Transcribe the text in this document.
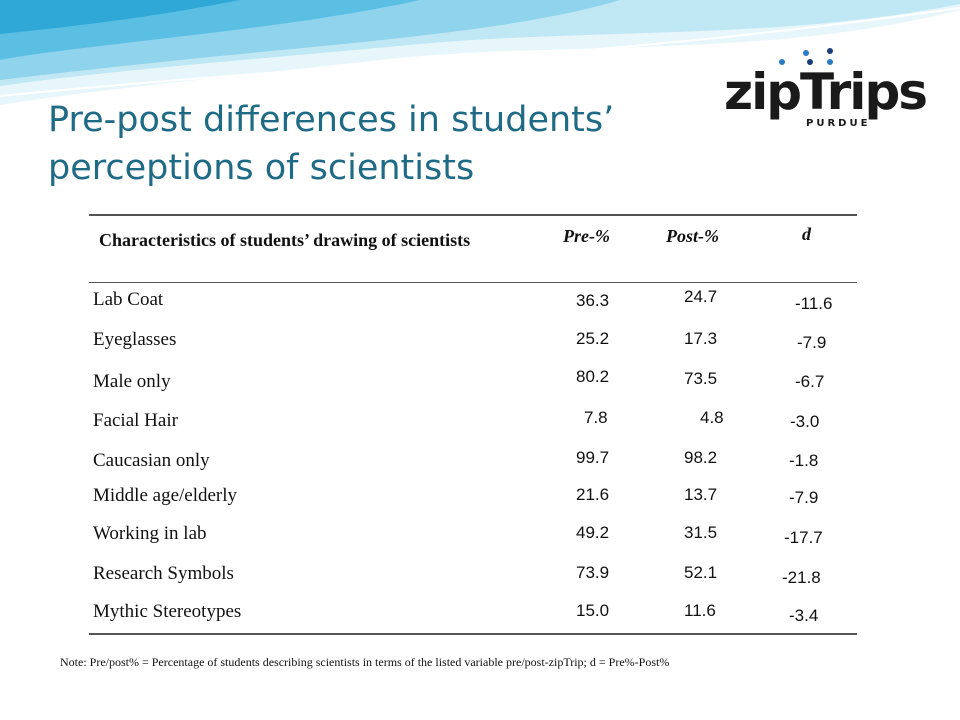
Pre-post differences in students’
perceptions of scientists
zipTrips
PURDUE
Characteristics of students’ drawing of scientists	Pre-%	Post-%	d
Lab Coat	36.3	24.7	-11.6
Eyeglasses	25.2	17.3	-7.9
Male only	80.2	73.5	-6.7
Facial Hair	7.8	4.8	-3.0
Caucasian only	99.7	98.2	-1.8
Middle age/elderly	21.6	13.7	-7.9
Working in lab	49.2	31.5	-17.7
Research Symbols	73.9	52.1	-21.8
Mythic Stereotypes	15.0	11.6	-3.4
Note: Pre/post% = Percentage of students describing scientists in terms of the listed variable pre/post-zipTrip; d = Pre%-Post%
